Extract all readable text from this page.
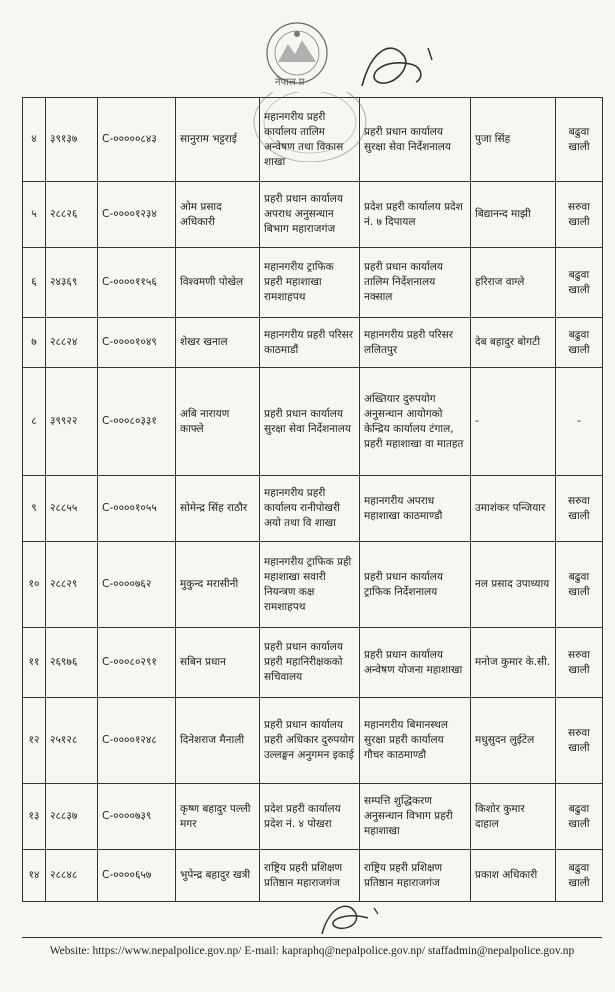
नेपाल प्र
४	३९१३७	C-०००००८४३	सानुराम भट्टराई	महानगरीय प्रहरी कार्यालय तालिम अन्वेषण तथा विकास शाखा	प्रहरी प्रधान कार्यालय सुरक्षा सेवा निर्देशनालय	पुजा सिंह	बढुवा खाली
५	२८८२६	C-००००१२३४	ओम प्रसाद अधिकारी	प्रहरी प्रधान कार्यालय अपराध अनुसन्धान बिभाग महाराजगंज	प्रदेश प्रहरी कार्यालय प्रदेश नं. ७ दिपायल	बिद्यानन्द माझी	सरुवा खाली
६	२४३६९	C-००००११५६	विश्वमणी पोखेल	महानगरीय ट्राफिक प्रहरी महाशाखा रामशाहपथ	प्रहरी प्रधान कार्यालय तालिम निर्देशनालय नक्साल	हरिराज वाग्ले	बढुवा खाली
७	२८८२४	C-००००१०४९	शेखर खनाल	महानगरीय प्रहरी परिसर काठमाडौं	महानगरीय प्रहरी परिसर ललितपुर	देब बहादुर बोगटी	बढुवा खाली
८	३९९२२	C-०००८०३३१	अबि नारायण काफ्ले	प्रहरी प्रधान कार्यालय सुरक्षा सेवा निर्देशनालय	अख्तियार दुरुपयोग अनुसन्धान आयोगको केन्द्रिय कार्यालय टंगाल, प्रहरी महाशाखा वा मातहत	-	-
९	२८८५५	C-००००१०५५	सोमेन्द्र सिंह राठौर	महानगरीय प्रहरी कार्यालय रानीपोखरी अयो तथा वि शाखा	महानगरीय अपराध महाशाखा काठमाण्डौ	उमाशंकर पन्जियार	सरुवा खाली
१०	२८८२९	C-००००७६२	मुकुन्द मरासीनी	महानगरीय ट्राफिक प्रही महाशाखा सवारी नियन्त्रण कक्ष रामशाहपथ	प्रहरी प्रधान कार्यालय ट्राफिक निर्देशनालय	नल प्रसाद उपाध्याय	बढुवा खाली
११	२६९७६	C-०००८०२९१	सबिन प्रधान	प्रहरी प्रधान कार्यालय प्रहरी महानिरीक्षकको सचिवालय	प्रहरी प्रधान कार्यालय अन्वेषण योजना महाशाखा	मनोज कुमार के.सी.	सरुवा खाली
१२	२५१२८	C-००००१२४८	दिनेशराज मैनाली	प्रहरी प्रधान कार्यालय प्रहरी अधिकार दुरुपयोग उल्लङ्घन अनुगमन इकाई	महानगरीय बिमानस्थल सुरक्षा प्रहरी कार्यालय गौचर काठमाण्डौ	मधुसुदन लुईटेल	सरुवा खाली
१३	२८८३७	C-००००७३९	कृष्ण बहादुर पल्ली मगर	प्रदेश प्रहरी कार्यालय प्रदेश नं. ४ पोखरा	सम्पत्ति शुद्धिकरण अनुसन्धान विभाग प्रहरी महाशाखा	किशोर कुमार दाहाल	बढुवा खाली
१४	२८८४८	C-००००६५७	भुपेन्द्र बहादुर खत्री	राष्ट्रिय प्रहरी प्रशिक्षण प्रतिष्ठान महाराजगंज	राष्ट्रिय प्रहरी प्रशिक्षण प्रतिष्ठान महाराजगंज	प्रकाश अधिकारी	बढुवा खाली
Website: https://www.nepalpolice.gov.np/ E-mail: kapraphq@nepalpolice.gov.np/ staffadmin@nepalpolice.gov.np
